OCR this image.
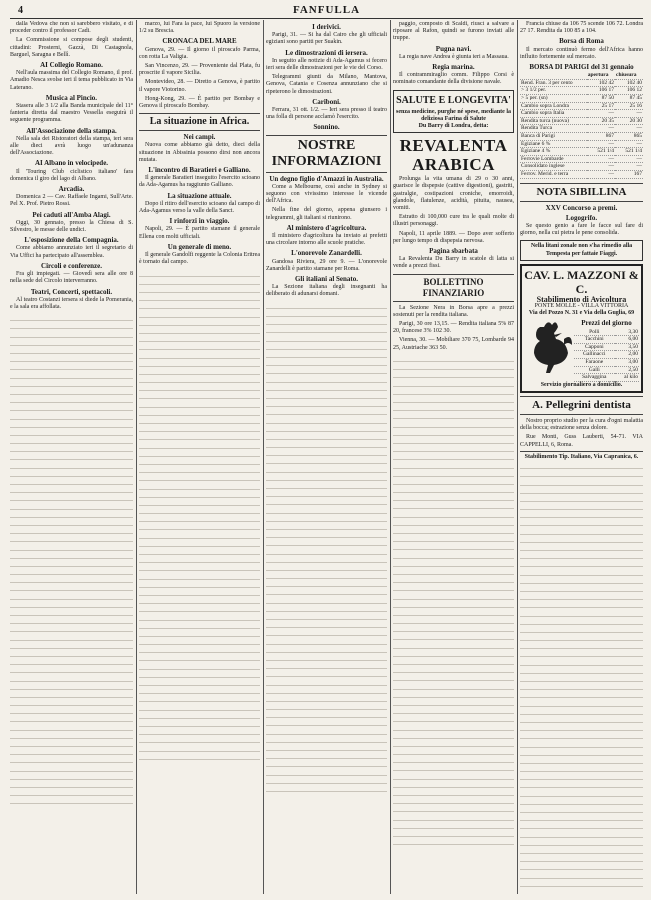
4	FANFULLA

dalla Vedova che non si sarebbero visitato, e di proceder contro il professor Cadi.

La Commissione si compose degli studenti, cittadini: Prosterni, Gazzà, Di Castagnola, Barguel, Saragna e Bellì.

AI Collegio Romano.

Nell'aula massima del Collegio Romano, il prof. Amadio Nesca svolse ieri il tema pubblicato in Via Laterano.

Musica al Pincio.

Stasera alle 3 1/2 alla Banda municipale del 11° fanteria diretta dal maestro Vessella eseguirà il seguente programma.

All'Associazione della stampa.

Nella sala dei Ristoratori della stampa, ieri sera alle dieci avrà luogo un'adunanza dell'Associazione.

AI Albano in velocipede.

Il 'Touring Club ciclistico italiano' fara domenica il giro del lago di Albano.

Arcadia.

Domenica 2 — Cav. Raffaele Ingami, Sull'Arte. Pel X. Prof. Pietro Rossi.

Pei caduti all'Amba Alagi.

Oggi, 30 gennaio, presso la Chiesa di S. Silvestro, le messe delle undici.

L'esposizione della Compagnia.

Come abbiamo annunziato ieri il segretario di Via Uffici ha partecipato all'assemblea.

Circoli e conferenze.

Fra gli impiegati. — Giovedì sera alle ore 8 nella sede del Circolo interverranno.

Teatri, Concerti, spettacoli.

Al teatro Costanzi iersera si diede la Pomerania, e la sala era affollata.

marzo, lui Fara la pace, lui Spuoro la versione 1/2 su Brescia.

CRONACA DEL MARE

Genova, 29. — Il giorno il piroscafo Parma, con rotta La Valigia.

San Vincenzo, 29. — Proveniente dal Plata, fu proscrite il vapore Sicilia.

Montevideo, 28. — Diretto a Genova, è partito il vapore Viotorino.

Hong-Kong, 29. — È partito per Bombay e Genova il piroscafo Bombay.

La situazione in Africa.
Nei campi.

Nuova come abbiamo già detto, dieci della situazione in Abissinia possono dirsi non ancora mutata.

L'incontro di Baratieri e Galliano.

Il generale Baratieri inseguito l'esercito scioano da Ada-Agamus ha raggiunto Galliano.

La situazione attuale.

Dopo il ritiro dell'esercito scioano dal campo di Ada-Agamus verso la valle della Sanct.

I rinforzi in viaggio.

Napoli, 29. — È partito stamane il generale Ellena con molti ufficiali.

Un generale di meno.

Il generale Gandolfi reggente la Colonia Eritrea è tornato dal campo.

I derivici.

Parigi, 31. — Si ha dal Cairo che gli ufficiali egiziani sono partiti per Suakin.

Le dimostrazioni di iersera.

In seguito alle notizie di Ada-Agamus si fecero ieri sera delle dimostrazioni per le vie del Corso.

Telegrammi giunti da Milano, Mantova, Genova, Catania e Cosenza annunziano che si ripeterono le dimostrazioni.

Cariboni.

Ferrara, 31 ott. 1/2. — Ieri sera presso il teatro una folla di persone acclamò l'esercito.

Sonnino.
NOSTRE INFORMAZIONI
Un degno figlio d'Amazzi in Australia.

Come a Melbourne, così anche in Sydney si seguono con vivissimo interesse le vicende dell'Africa.

Nella fine del giorno, appena giunsero i telegrammi, gli italiani si riunirono.

Al ministero d'agricoltura.

Il ministero d'agricoltura ha inviato ai prefetti una circolare intorno alle scuole pratiche.

L'onorevole Zanardelli.

Gandosa Riviera, 29 ore 9. — L'onorevole Zanardelli è partito stamane per Roma.

Gli italiani al Senato.

La Sezione italiana degli insegnanti ha deliberato di adunarsi domani.

paggio, composto di Scaldi, riuscì a salvare a riposare al Rafon, quindi se furono inviati alle truppe.

Pugna navi.

La regia nave Andrea è giunta ieri a Massaua.

Regia marina.

Il contrammiraglio comm. Filippo Corsi è nominato comandante della divisione navale.

SALUTE E LONGEVITA'
senza medicine, purghe né spese, mediante la deliziosa Farina di Salute
Du Barry di Londra, detta:
REVALENTA ARABICA

Prolunga la vita umana di 29 o 30 anni, guarisce le dispepsie (cattive digestioni), gastriti, gastralgie, costipazioni croniche, emorroidi, glandole, flatulenze, acidità, pituita, nausea, vomiti.

Estratto di 100,000 cure tra le quali molte di illustri personaggi.

Napoli, 11 aprile 1889. — Dopo aver sofferto per lungo tempo di dispepsia nervosa.

Pagina sbarbata

La Revalenta Du Barry in scatole di latta si vende a prezzi fissi.

BOLLETTINO FINANZIARIO

La Sezione Nera in Borsa apre a prezzi sostenuti per la rendita italiana.

Parigi, 30 ore 13,15. — Rendita italiana 5% 87 20, francese 3% 102 30.

Vienna, 30. — Mobiliare 370 75, Lombarde 94 25, Austriache 363 50.

Francia chiuse da 106 75 scende 106 72. Londra 27 17. Rendita da 100 85 a 104.

Borsa di Roma

Il mercato continuò fermo dell'Africa hanno influito fortemente sul mercato.

BORSA DI PARIGI del 31 gennaio
	apertura	chiusura
Rend. Fran. 3 per cento	102 42	102 40
> 3 1/2 per.	106 17	106 12
> 5 per. (sn)	87 50	87 45
Cambio sopra Londra	25 17	25 16
Cambio sopra Italia	—	—
Rendita turca (nuova)	20 35	20 30
Rendita Turca	—	—
Banca di Parigi	867	865
Egiziane 6 %	—	—
Egiziane 4 %	521 1/4	521 1/4
Ferrovie Lombarde	—	—
Consolidato inglese	—	—
Ferrov. Merid. e terra	—	167
NOTA SIBILLINA
XXV Concorso a premi.
Logogrifo.

Se questo genio a fare le facce sul fare di giorno, nella cui pietra le pene consolida.

Nella litani zonale non s'ha rimedio alla Tempesta per fattaie Fiaggi.
CAV. L. MAZZONI & C.
Stabilimento di Avicoltura
PONTE MOLLE - VILLA VITTORIA
Via del Pozzo N. 31 e Via della Guglia, 69
Prezzi del giorno
Polli	3,30
Tacchini	6,00
Capponi	3,50
Gallinacci	2,00
Faraone	3,00
Galli	2,50
Salvaggina	al kilo
Servizio giornaliero a domicilio.
A. Pellegrini dentista

Nostro proprio studio per la cura d'ogni malattia della bocca; estrazione senza dolore.

Rue Monti, Guss Lauberti, 54-71. VIA CAPPELLI, 6, Roma.

Stabilimento Tip. Italiano, Via Capranica, 6.
